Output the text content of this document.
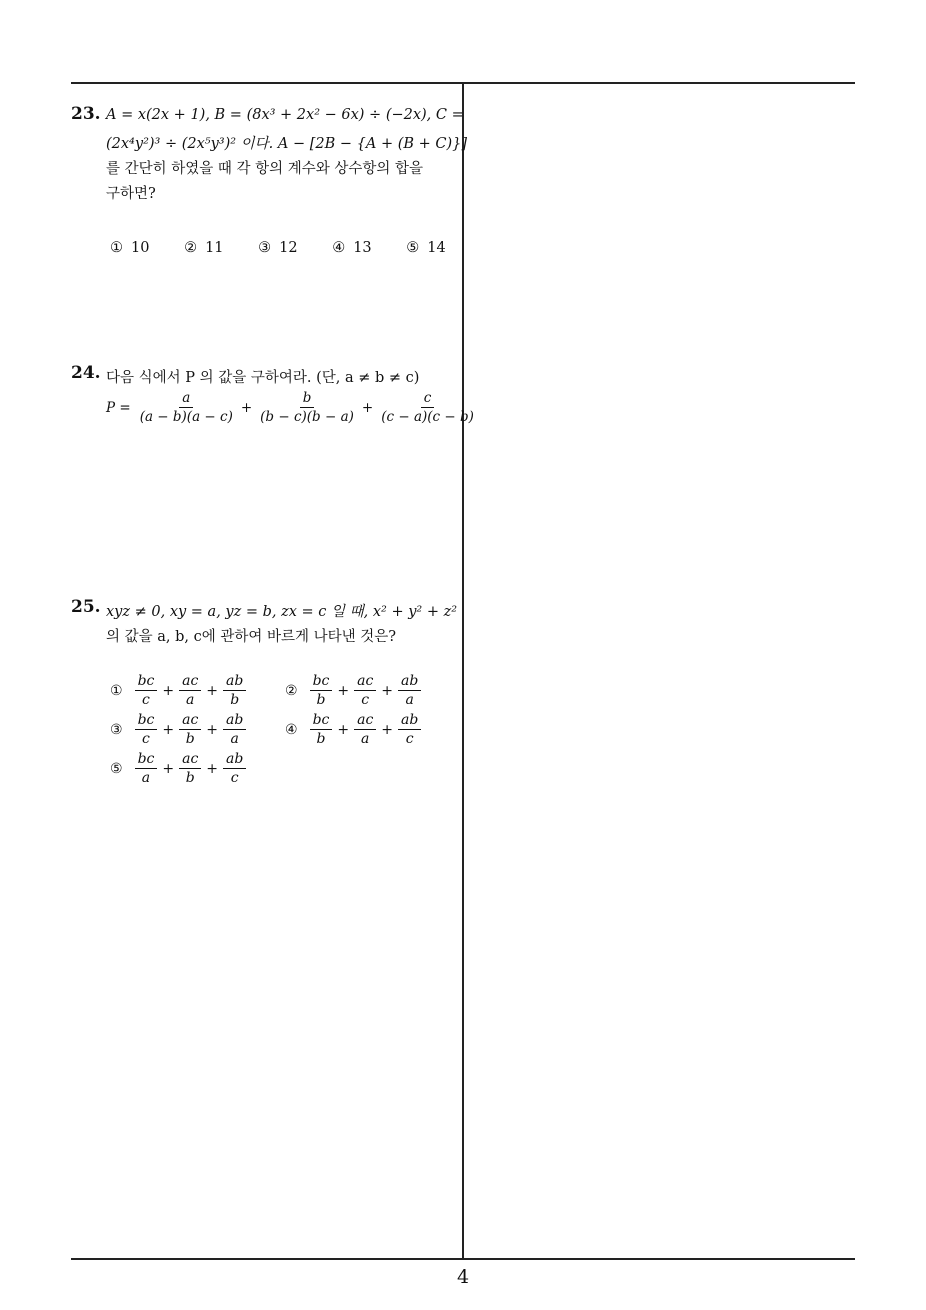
23. A = x(2x + 1), B = (8x³ + 2x² − 6x) ÷ (−2x), C =
(2x⁴y²)³ ÷ (2x⁵y³)² 이다. A − [2B − {A + (B + C)}]
를 간단히 하였을 때 각 항의 계수와 상수항의 합을
구하면?
① 10 ② 11 ③ 12 ④ 13 ⑤ 14
24. 다음 식에서 P 의 값을 구하여라. (단, a ≠ b ≠ c)
$P = \frac{a}{(a - b)(a - c)} + \frac{b}{(b - c)(b - a)} + \frac{c}{(c - a)(c - b)}$
25. xyz ≠ 0, xy = a, yz = b, zx = c 일 때, x² + y² + z²
의 값을 a, b, c에 관하여 바르게 나타낸 것은?
① $\frac{bc}{c} + \frac{ac}{a} + \frac{ab}{b}$	② $\frac{bc}{b} + \frac{ac}{c} + \frac{ab}{a}$
③ $\frac{bc}{c} + \frac{ac}{b} + \frac{ab}{a}$	④ $\frac{bc}{b} + \frac{ac}{a} + \frac{ab}{c}$
⑤ $\frac{bc}{a} + \frac{ac}{b} + \frac{ab}{c}$
4
